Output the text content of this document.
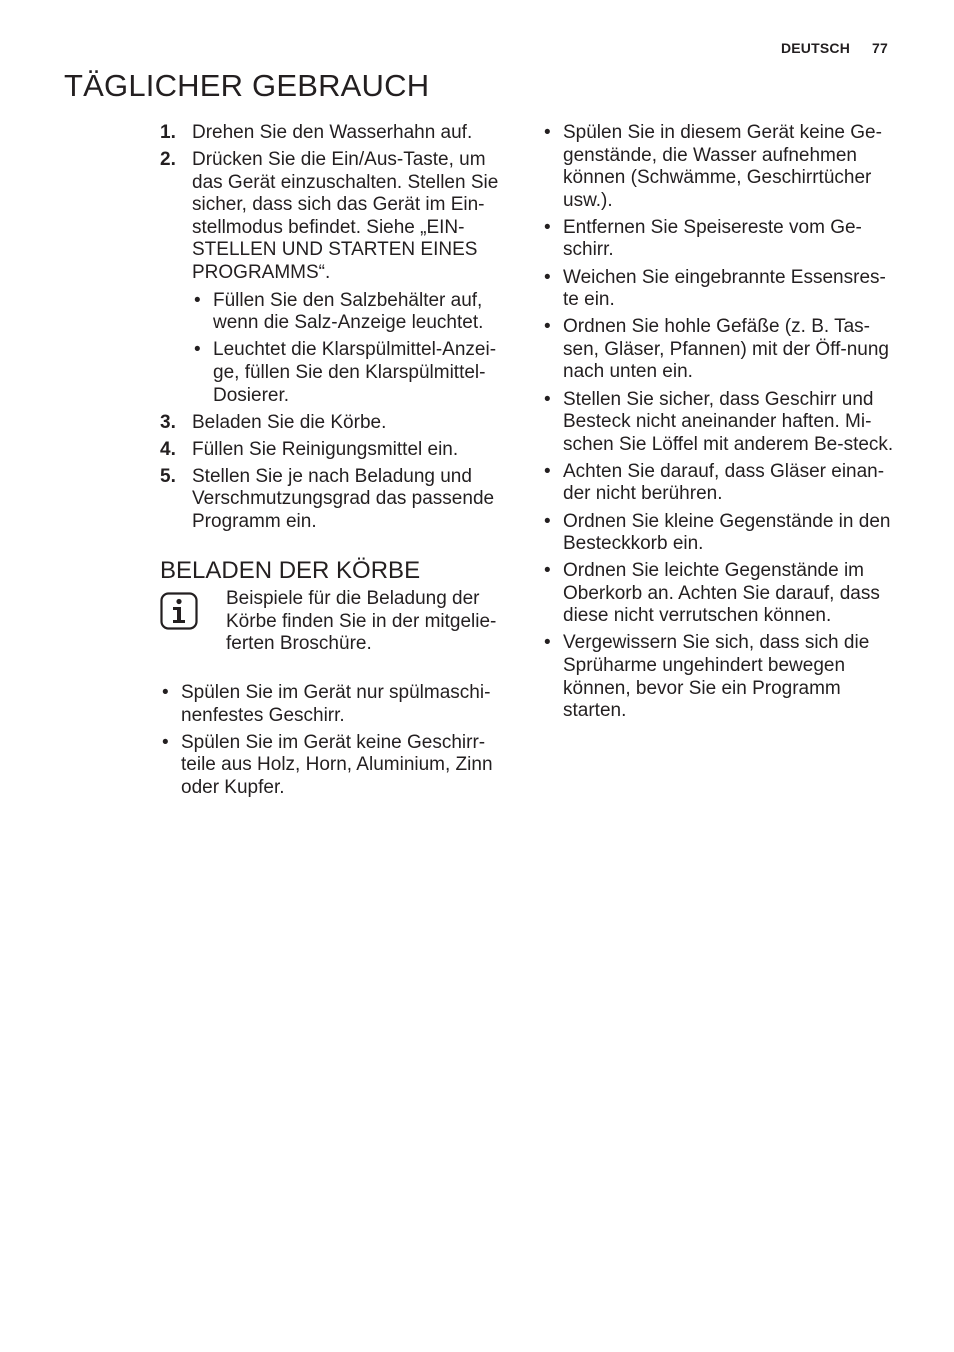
DEUTSCH 77
TÄGLICHER GEBRAUCH
1. Drehen Sie den Wasserhahn auf.
2. Drücken Sie die Ein/Aus-Taste, um das Gerät einzuschalten. Stellen Sie sicher, dass sich das Gerät im Ein-stellmodus befindet. Siehe „EIN-STELLEN UND STARTEN EINES PROGRAMMS“.
• Füllen Sie den Salzbehälter auf, wenn die Salz-Anzeige leuchtet.
• Leuchtet die Klarspülmittel-Anzei-ge, füllen Sie den Klarspülmittel-Dosierer.
3. Beladen Sie die Körbe.
4. Füllen Sie Reinigungsmittel ein.
5. Stellen Sie je nach Beladung und Verschmutzungsgrad das passende Programm ein.
BELADEN DER KÖRBE
Beispiele für die Beladung der Körbe finden Sie in der mitgelie-ferten Broschüre.
• Spülen Sie im Gerät nur spülmaschi-nenfestes Geschirr.
• Spülen Sie im Gerät keine Geschirr-teile aus Holz, Horn, Aluminium, Zinn oder Kupfer.
• Spülen Sie in diesem Gerät keine Ge-genstände, die Wasser aufnehmen können (Schwämme, Geschirrtücher usw.).
• Entfernen Sie Speisereste vom Ge-schirr.
• Weichen Sie eingebrannte Essensres-te ein.
• Ordnen Sie hohle Gefäße (z. B. Tas-sen, Gläser, Pfannen) mit der Öff-nung nach unten ein.
• Stellen Sie sicher, dass Geschirr und Besteck nicht aneinander haften. Mi-schen Sie Löffel mit anderem Be-steck.
• Achten Sie darauf, dass Gläser einan-der nicht berühren.
• Ordnen Sie kleine Gegenstände in den Besteckkorb ein.
• Ordnen Sie leichte Gegenstände im Oberkorb an. Achten Sie darauf, dass diese nicht verrutschen können.
• Vergewissern Sie sich, dass sich die Sprüharme ungehindert bewegen können, bevor Sie ein Programm starten.
